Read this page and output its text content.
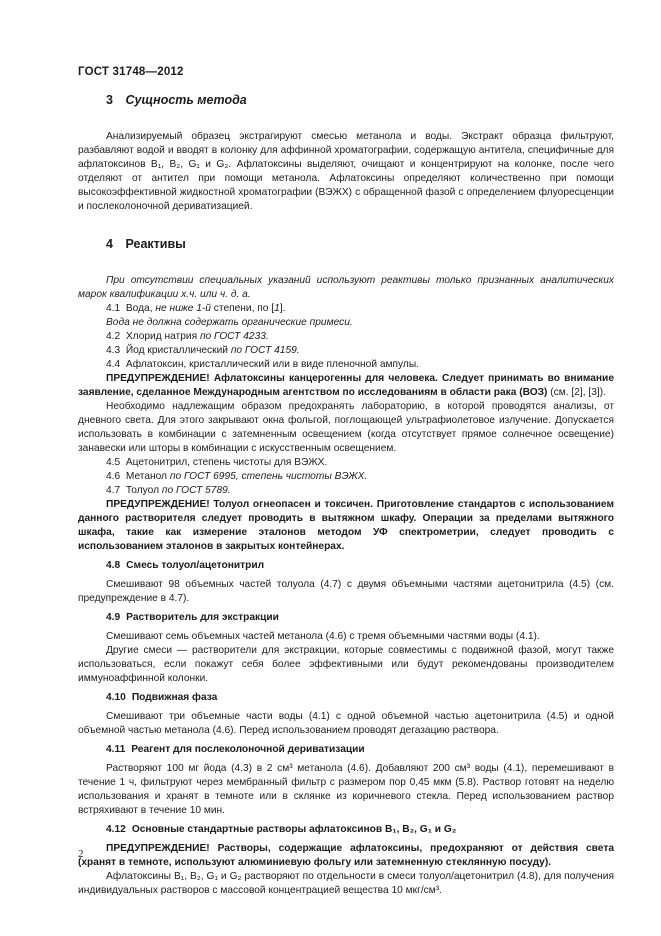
ГОСТ 31748—2012
3 Сущность метода

Анализируемый образец экстрагируют смесью метанола и воды. Экстракт образца фильтруют, разбавляют водой и вводят в колонку для аффинной хроматографии, содержащую антитела, специфичные для афлатоксинов B₁, B₂, G₁ и G₂. Афлатоксины выделяют, очищают и концентрируют на колонке, после чего отделяют от антител при помощи метанола. Афлатоксины определяют количественно при помощи высокоэффективной жидкостной хроматографии (ВЭЖХ) с обращенной фазой с определением флуоресценции и послеколоночной дериватизацией.

4 Реактивы

При отсутствии специальных указаний используют реактивы только признанных аналитических марок квалификации х.ч. или ч. д. а.

4.1 Вода, не ниже 1-й степени, по [1].

Вода не должна содержать органические примеси.

4.2 Хлорид натрия по ГОСТ 4233.

4.3 Йод кристаллический по ГОСТ 4159.

4.4 Афлатоксин, кристаллический или в виде пленочной ампулы.

ПРЕДУПРЕЖДЕНИЕ! Афлатоксины канцерогенны для человека. Следует принимать во внимание заявление, сделанное Международным агентством по исследованиям в области рака (ВОЗ) (см. [2], [3]).

Необходимо надлежащим образом предохранять лабораторию, в которой проводятся анализы, от дневного света. Для этого закрывают окна фольгой, поглощающей ультрафиолетовое излучение. Допускается использовать в комбинации с затемненным освещением (когда отсутствует прямое солнечное освещение) занавески или шторы в комбинации с искусственным освещением.

4.5 Ацетонитрил, степень чистоты для ВЭЖХ.

4.6 Метанол по ГОСТ 6995, степень чистоты ВЭЖХ.

4.7 Толуол по ГОСТ 5789.

ПРЕДУПРЕЖДЕНИЕ! Толуол огнеопасен и токсичен. Приготовление стандартов с использованием данного растворителя следует проводить в вытяжном шкафу. Операции за пределами вытяжного шкафа, такие как измерение эталонов методом УФ спектрометрии, следует проводить с использованием эталонов в закрытых контейнерах.

4.8 Смесь толуол/ацетонитрил

Смешивают 98 объемных частей толуола (4.7) с двумя объемными частями ацетонитрила (4.5) (см. предупреждение в 4.7).

4.9 Растворитель для экстракции

Смешивают семь объемных частей метанола (4.6) с тремя объемными частями воды (4.1).

Другие смеси — растворители для экстракции, которые совместимы с подвижной фазой, могут также использоваться, если покажут себя более эффективными или будут рекомендованы производителем иммуноаффинной колонки.

4.10 Подвижная фаза

Смешивают три объемные части воды (4.1) с одной объемной частью ацетонитрила (4.5) и одной объемной частью метанола (4.6). Перед использованием проводят дегазацию раствора.

4.11 Реагент для послеколоночной дериватизации

Растворяют 100 мг йода (4.3) в 2 см³ метанола (4.6). Добавляют 200 см³ воды (4.1), перемешивают в течение 1 ч, фильтруют через мембранный фильтр с размером пор 0,45 мкм (5.8). Раствор готовят на неделю использования и хранят в темноте или в склянке из коричневого стекла. Перед использованием раствор встряхивают в течение 10 мин.

4.12 Основные стандартные растворы афлатоксинов B₁, B₂, G₁ и G₂

ПРЕДУПРЕЖДЕНИЕ! Растворы, содержащие афлатоксины, предохраняют от действия света (хранят в темноте, используют алюминиевую фольгу или затемненную стеклянную посуду).

Афлатоксины B₁, B₂, G₁ и G₂ растворяют по отдельности в смеси толуол/ацетонитрил (4.8), для получения индивидуальных растворов с массовой концентрацией вещества 10 мкг/см³.

2
